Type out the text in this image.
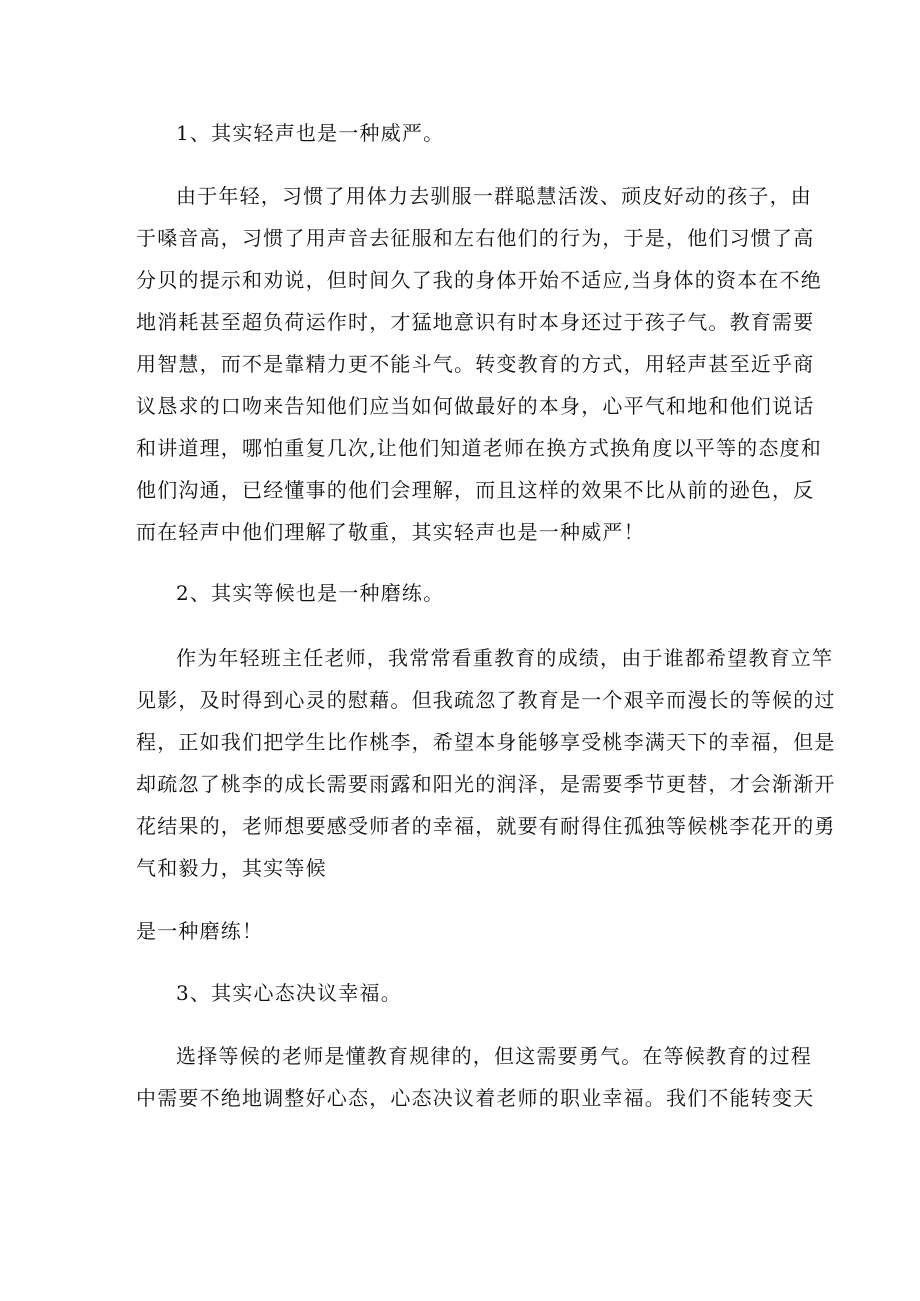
1、其实轻声也是一种威严。
由于年轻，习惯了用体力去驯服一群聪慧活泼、顽皮好动的孩子，由
于嗓音高，习惯了用声音去征服和左右他们的行为，于是，他们习惯了高
分贝的提示和劝说，但时间久了我的身体开始不适应,当身体的资本在不绝
地消耗甚至超负荷运作时，才猛地意识有时本身还过于孩子气。教育需要
用智慧，而不是靠精力更不能斗气。转变教育的方式，用轻声甚至近乎商
议恳求的口吻来告知他们应当如何做最好的本身，心平气和地和他们说话
和讲道理，哪怕重复几次,让他们知道老师在换方式换角度以平等的态度和
他们沟通，已经懂事的他们会理解，而且这样的效果不比从前的逊色，反
而在轻声中他们理解了敬重，其实轻声也是一种威严！
2、其实等候也是一种磨练。
作为年轻班主任老师，我常常看重教育的成绩，由于谁都希望教育立竿
见影，及时得到心灵的慰藉。但我疏忽了教育是一个艰辛而漫长的等候的过
程，正如我们把学生比作桃李，希望本身能够享受桃李满天下的幸福，但是
却疏忽了桃李的成长需要雨露和阳光的润泽，是需要季节更替，才会渐渐开
花结果的，老师想要感受师者的幸福，就要有耐得住孤独等候桃李花开的勇
气和毅力，其实等候
是一种磨练！
3、其实心态决议幸福。
选择等候的老师是懂教育规律的，但这需要勇气。在等候教育的过程
中需要不绝地调整好心态，心态决议着老师的职业幸福。我们不能转变天
